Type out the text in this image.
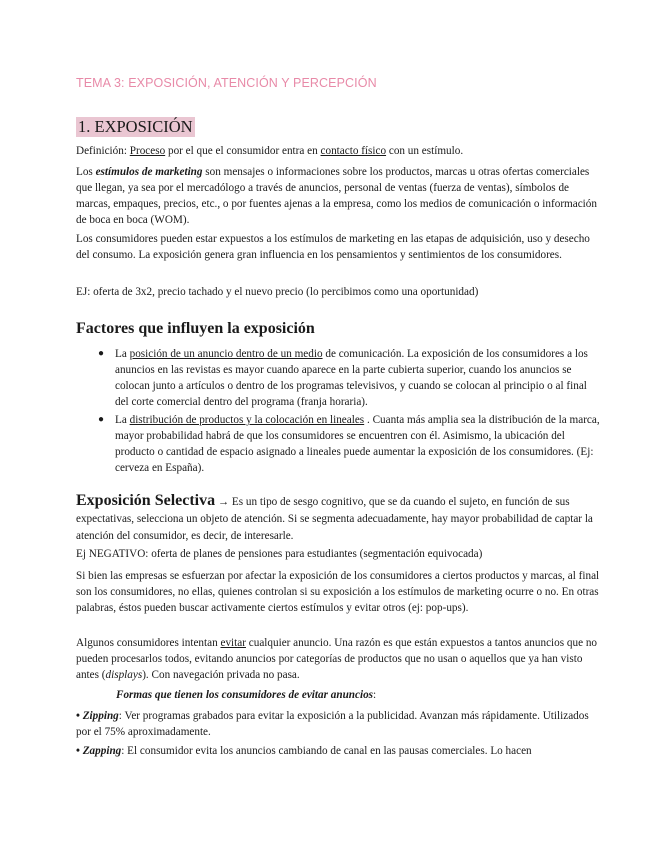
TEMA 3: EXPOSICIÓN, ATENCIÓN Y PERCEPCIÓN
1. EXPOSICIÓN

Definición: Proceso por el que el consumidor entra en contacto físico con un estímulo.

Los estímulos de marketing son mensajes o informaciones sobre los productos, marcas u otras ofertas comerciales que llegan, ya sea por el mercadólogo a través de anuncios, personal de ventas (fuerza de ventas), símbolos de marcas, empaques, precios, etc., o por fuentes ajenas a la empresa, como los medios de comunicación o información de boca en boca (WOM).

Los consumidores pueden estar expuestos a los estímulos de marketing en las etapas de adquisición, uso y desecho del consumo. La exposición genera gran influencia en los pensamientos y sentimientos de los consumidores.

EJ: oferta de 3x2, precio tachado y el nuevo precio (lo percibimos como una oportunidad)

Factores que influyen la exposición
● La posición de un anuncio dentro de un medio de comunicación. La exposición de los consumidores a los anuncios en las revistas es mayor cuando aparece en la parte cubierta superior, cuando los anuncios se colocan junto a artículos o dentro de los programas televisivos, y cuando se colocan al principio o al final del corte comercial dentro del programa (franja horaria).
● La distribución de productos y la colocación en lineales . Cuanta más amplia sea la distribución de la marca, mayor probabilidad habrá de que los consumidores se encuentren con él. Asimismo, la ubicación del producto o cantidad de espacio asignado a lineales puede aumentar la exposición de los consumidores. (Ej: cerveza en España).

Exposición Selectiva → Es un tipo de sesgo cognitivo, que se da cuando el sujeto, en función de sus expectativas, selecciona un objeto de atención. Si se segmenta adecuadamente, hay mayor probabilidad de captar la atención del consumidor, es decir, de interesarle.

Ej NEGATIVO: oferta de planes de pensiones para estudiantes (segmentación equivocada)

Si bien las empresas se esfuerzan por afectar la exposición de los consumidores a ciertos productos y marcas, al final son los consumidores, no ellas, quienes controlan si su exposición a los estímulos de marketing ocurre o no. En otras palabras, éstos pueden buscar activamente ciertos estímulos y evitar otros (ej: pop-ups).

Algunos consumidores intentan evitar cualquier anuncio. Una razón es que están expuestos a tantos anuncios que no pueden procesarlos todos, evitando anuncios por categorías de productos que no usan o aquellos que ya han visto antes (displays). Con navegación privada no pasa.

Formas que tienen los consumidores de evitar anuncios:

• Zipping: Ver programas grabados para evitar la exposición a la publicidad. Avanzan más rápidamente. Utilizados por el 75% aproximadamente.

• Zapping: El consumidor evita los anuncios cambiando de canal en las pausas comerciales. Lo hacen
